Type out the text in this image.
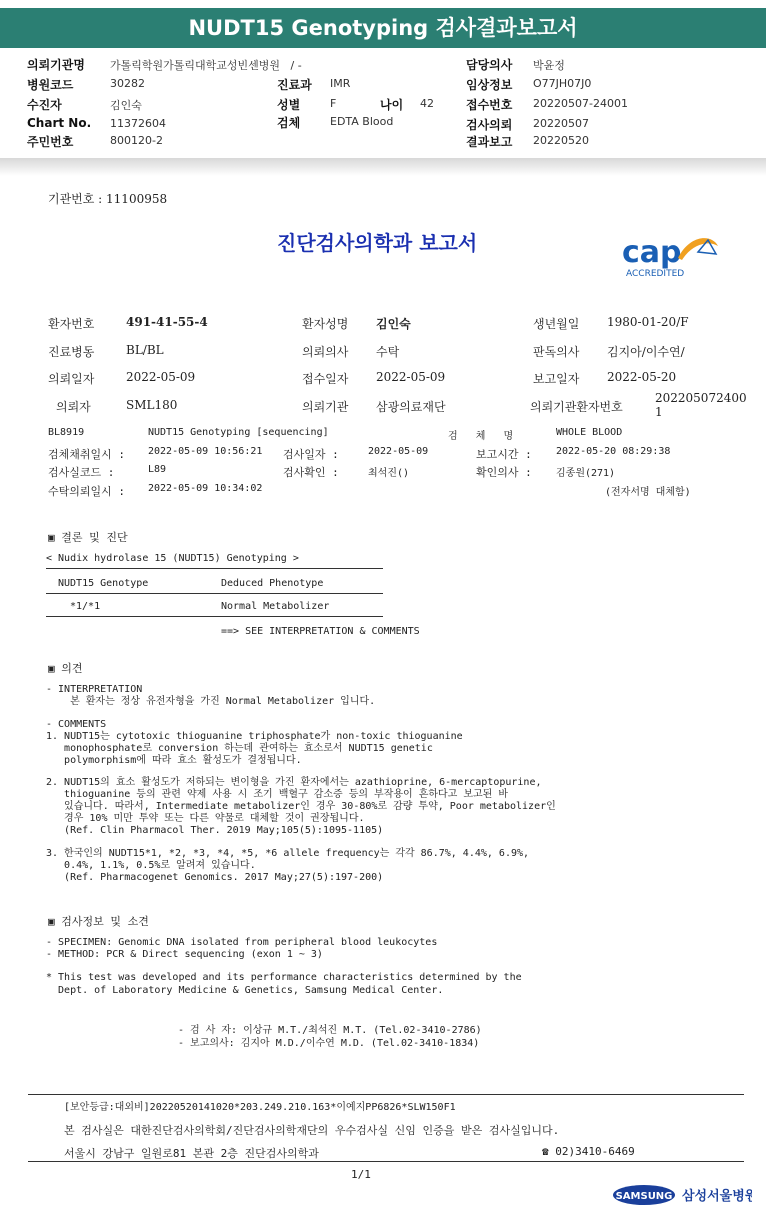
NUDT15 Genotyping 검사결과보고서
의뢰기관명 가톨릭학원가톨릭대학교성빈센병원   / -	담당의사 박윤정
병원코드	30282	진료과 IMR	임상정보 O77JH07J0
수진자	김인숙	성별	F	나이 42	접수번호 20220507-24001
Chart No. 11372604	검체	EDTA Blood	검사의뢰 20220507
주민번호	800120-2	결과보고 20220520
기관번호 : 11100958
진단검사의학과 보고서	cap
ACCREDITED
환자번호	491-41-55-4	환자성명 김인숙	생년월일 1980-01-20/F
진료병동	BL/BL	의뢰의사 수탁	판독의사 김지아/이수연/
의뢰일자	2022-05-09	접수일자 2022-05-09	보고일자 2022-05-20
의뢰자	SML180	의뢰기관 삼광의료재단	의뢰기관환자번호
202205072400
1
BL8919	NUDT15 Genotyping [sequencing]	검   체   명	WHOLE BLOOD
검체채취일시 : 2022-05-09 10:56:21 검사일자 :	2022-05-09	보고시간 : 2022-05-20 08:29:38
검사실코드 :	L89	검사확인 :	최석진()	확인의사 : 김종원(271)
수탁의뢰일시 : 2022-05-09 10:34:02	(전자서명 대체함)
▣ 결론 및 진단
< Nudix hydrolase 15 (NUDT15) Genotyping >
NUDT15 Genotype	Deduced Phenotype
*1/*1	Normal Metabolizer
==> SEE INTERPRETATION & COMMENTS
▣ 의견
- INTERPRETATION
본 환자는 정상 유전자형을 가진 Normal Metabolizer 입니다.
- COMMENTS
1. NUDT15는 cytotoxic thioguanine triphosphate가 non-toxic thioguanine
monophosphate로 conversion 하는데 관여하는 효소로서 NUDT15 genetic
polymorphism에 따라 효소 활성도가 결정됩니다.
2. NUDT15의 효소 활성도가 저하되는 변이형을 가진 환자에서는 azathioprine, 6-mercaptopurine,
thioguanine 등의 관련 약제 사용 시 조기 백혈구 감소증 등의 부작용이 흔하다고 보고된 바
있습니다. 따라서, Intermediate metabolizer인 경우 30-80%로 감량 투약, Poor metabolizer인
경우 10% 미만 투약 또는 다른 약물로 대체할 것이 권장됩니다.
(Ref. Clin Pharmacol Ther. 2019 May;105(5):1095-1105)
3. 한국인의 NUDT15*1, *2, *3, *4, *5, *6 allele frequency는 각각 86.7%, 4.4%, 6.9%,
0.4%, 1.1%, 0.5%로 알려져 있습니다.
(Ref. Pharmacogenet Genomics. 2017 May;27(5):197-200)
▣ 검사정보 및 소견
- SPECIMEN: Genomic DNA isolated from peripheral blood leukocytes
- METHOD: PCR & Direct sequencing (exon 1 ~ 3)
* This test was developed and its performance characteristics determined by the
Dept. of Laboratory Medicine & Genetics, Samsung Medical Center.
- 검 사 자: 이상규 M.T./최석진 M.T. (Tel.02-3410-2786)
- 보고의사: 김지아 M.D./이수연 M.D. (Tel.02-3410-1834)
[보안등급:대외비]20220520141020*203.249.210.163*이예지PP6826*SLW150F1
본 검사실은 대한진단검사의학회/진단검사의학재단의 우수검사실 신임 인증을 받은 검사실입니다.
서울시 강남구 일원로81 본관 2층 진단검사의학과	☎ 02)3410-6469
1/1
SAMSUNG 삼성서울병원
